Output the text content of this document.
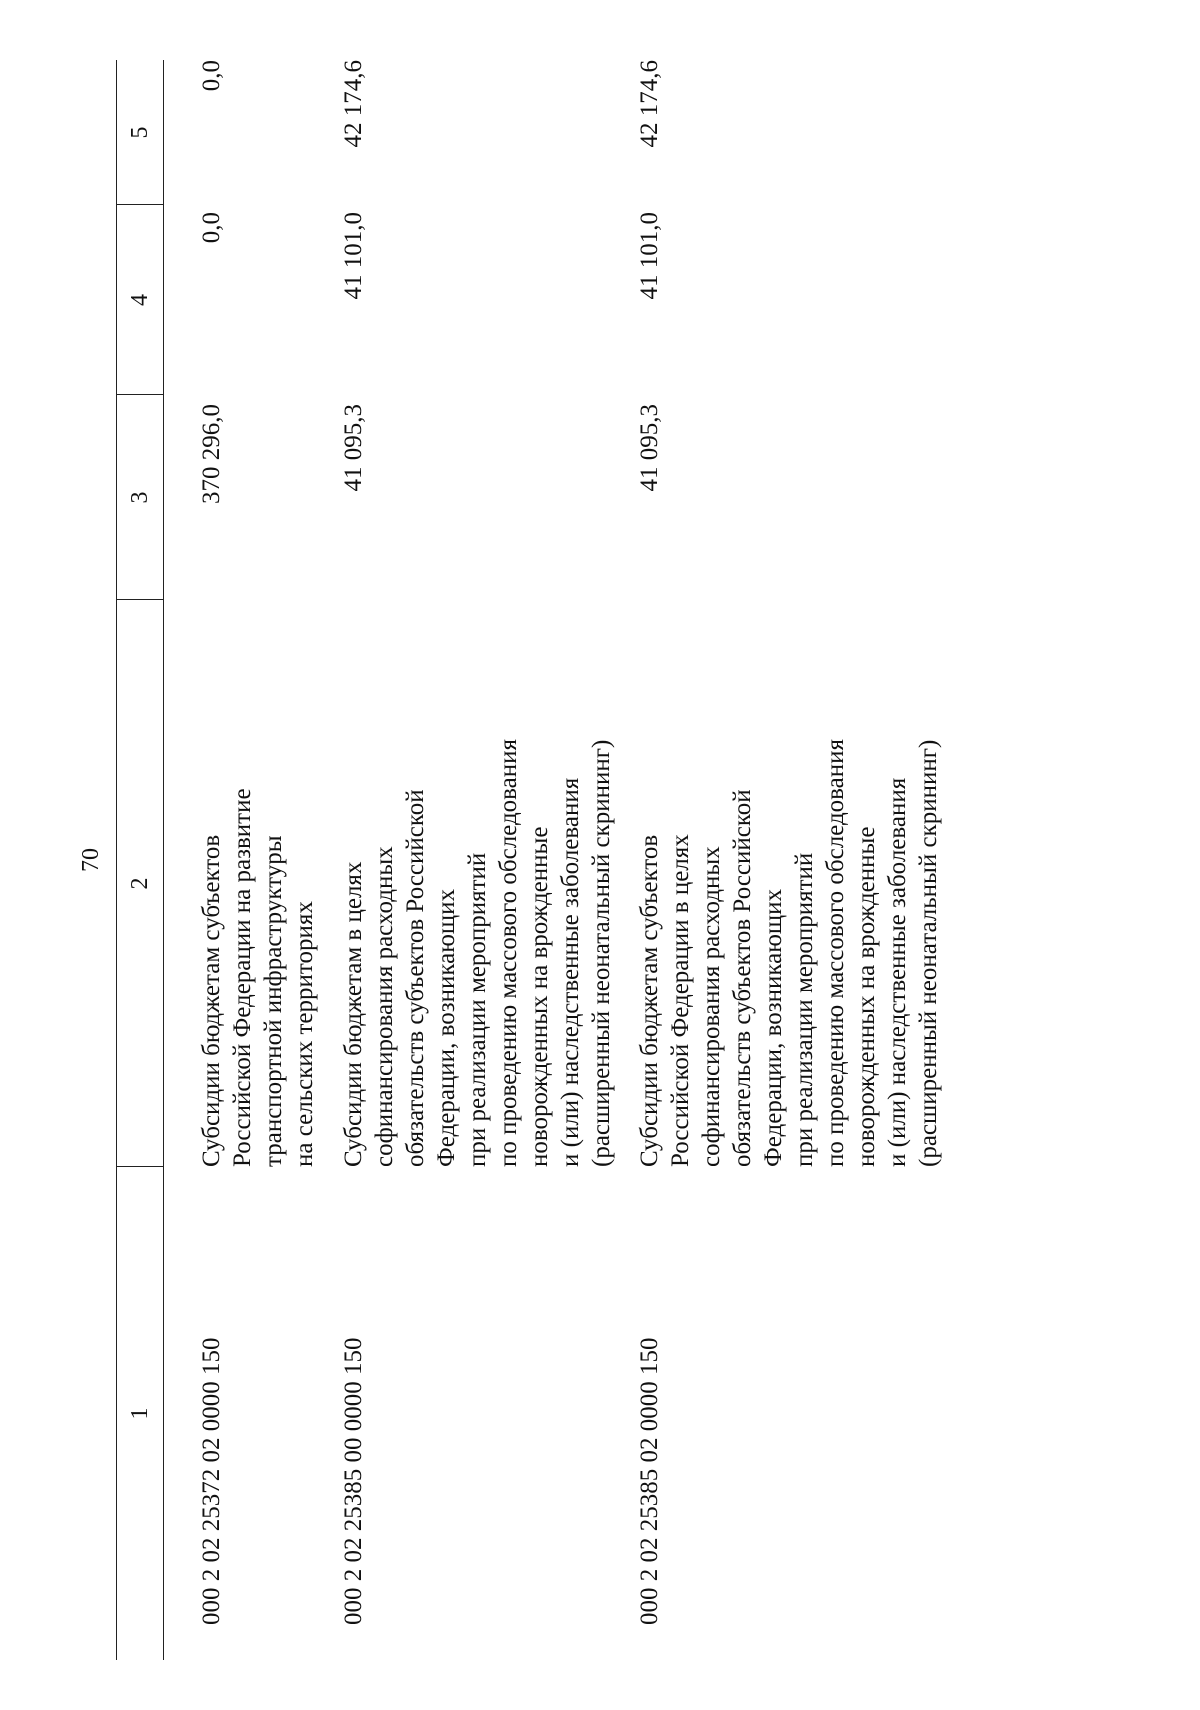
70
1
2
3
4
5
000 2 02 25372 02 0000 150
Субсидии бюджетам субъектов Российской Федерации на развитие транспортной инфраструктуры на сельских территориях
370 296,0
0,0
0,0
000 2 02 25385 00 0000 150
Субсидии бюджетам в целях софинансирования расходных обязательств субъектов Российской Федерации, возникающих при реализации мероприятий по проведению массового обследования новорожденных на врожденные и (или) наследственные заболевания (расширенный неонатальный скрининг)
41 095,3
41 101,0
42 174,6
000 2 02 25385 02 0000 150
Субсидии бюджетам субъектов Российской Федерации в целях софинансирования расходных обязательств субъектов Российской Федерации, возникающих при реализации мероприятий по проведению массового обследования новорожденных на врожденные и (или) наследственные заболевания (расширенный неонатальный скрининг)
41 095,3
41 101,0
42 174,6
